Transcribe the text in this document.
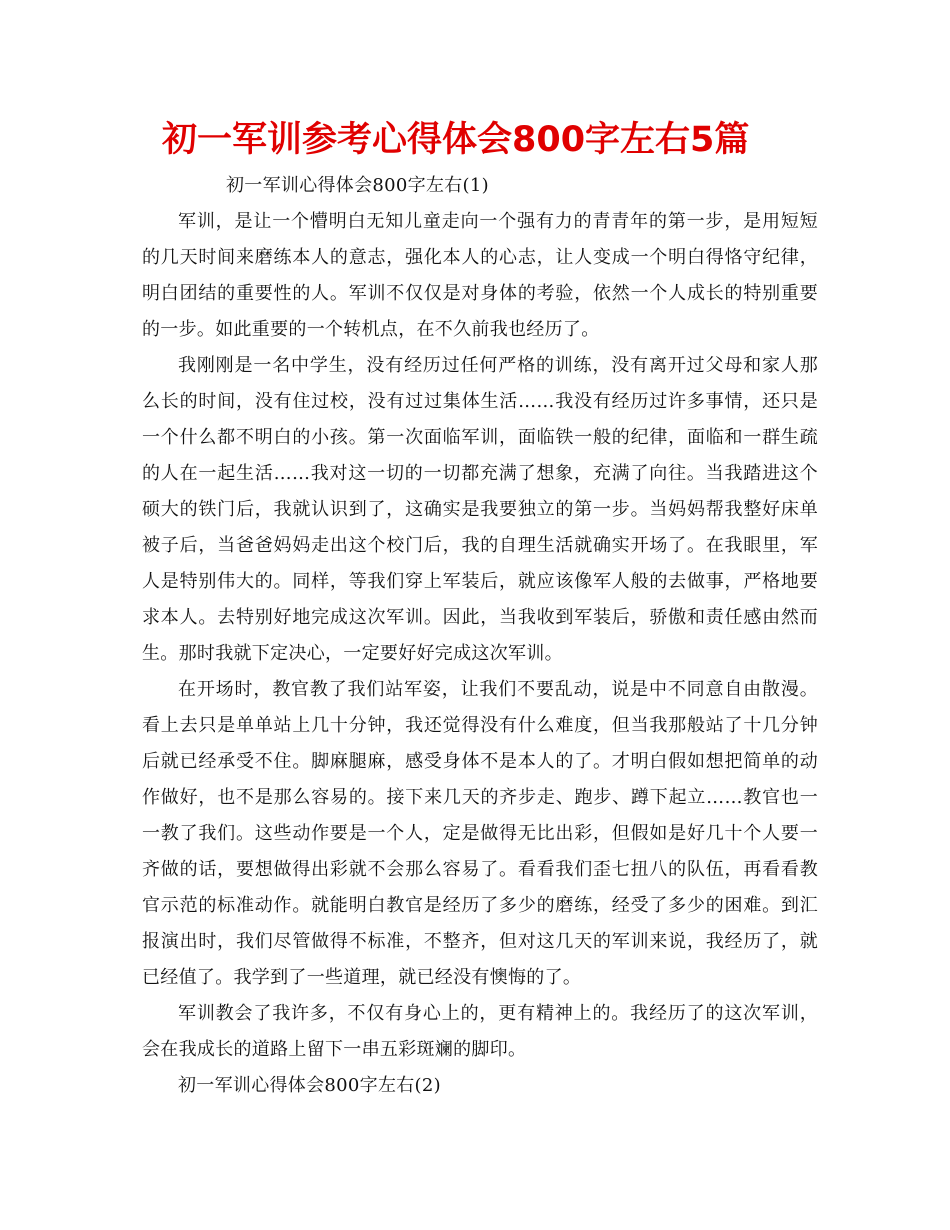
初一军训参考心得体会800字左右5篇

初一军训心得体会800字左右(1)

军训，是让一个懵明白无知儿童走向一个强有力的青青年的第一步，是用短短的几天时间来磨练本人的意志，强化本人的心志，让人变成一个明白得恪守纪律，明白团结的重要性的人。军训不仅仅是对身体的考验，依然一个人成长的特别重要的一步。如此重要的一个转机点，在不久前我也经历了。

我刚刚是一名中学生，没有经历过任何严格的训练，没有离开过父母和家人那么长的时间，没有住过校，没有过过集体生活……我没有经历过许多事情，还只是一个什么都不明白的小孩。第一次面临军训，面临铁一般的纪律，面临和一群生疏的人在一起生活……我对这一切的一切都充满了想象，充满了向往。当我踏进这个硕大的铁门后，我就认识到了，这确实是我要独立的第一步。当妈妈帮我整好床单被子后，当爸爸妈妈走出这个校门后，我的自理生活就确实开场了。在我眼里，军人是特别伟大的。同样，等我们穿上军装后，就应该像军人般的去做事，严格地要求本人。去特别好地完成这次军训。因此，当我收到军装后，骄傲和责任感由然而生。那时我就下定决心，一定要好好完成这次军训。

在开场时，教官教了我们站军姿，让我们不要乱动，说是中不同意自由散漫。看上去只是单单站上几十分钟，我还觉得没有什么难度，但当我那般站了十几分钟后就已经承受不住。脚麻腿麻，感受身体不是本人的了。才明白假如想把简单的动作做好，也不是那么容易的。接下来几天的齐步走、跑步、蹲下起立……教官也一一教了我们。这些动作要是一个人，定是做得无比出彩，但假如是好几十个人要一齐做的话，要想做得出彩就不会那么容易了。看看我们歪七扭八的队伍，再看看教官示范的标准动作。就能明白教官是经历了多少的磨练，经受了多少的困难。到汇报演出时，我们尽管做得不标准，不整齐，但对这几天的军训来说，我经历了，就已经值了。我学到了一些道理，就已经没有懊悔的了。

军训教会了我许多，不仅有身心上的，更有精神上的。我经历了的这次军训，会在我成长的道路上留下一串五彩斑斓的脚印。

初一军训心得体会800字左右(2)
